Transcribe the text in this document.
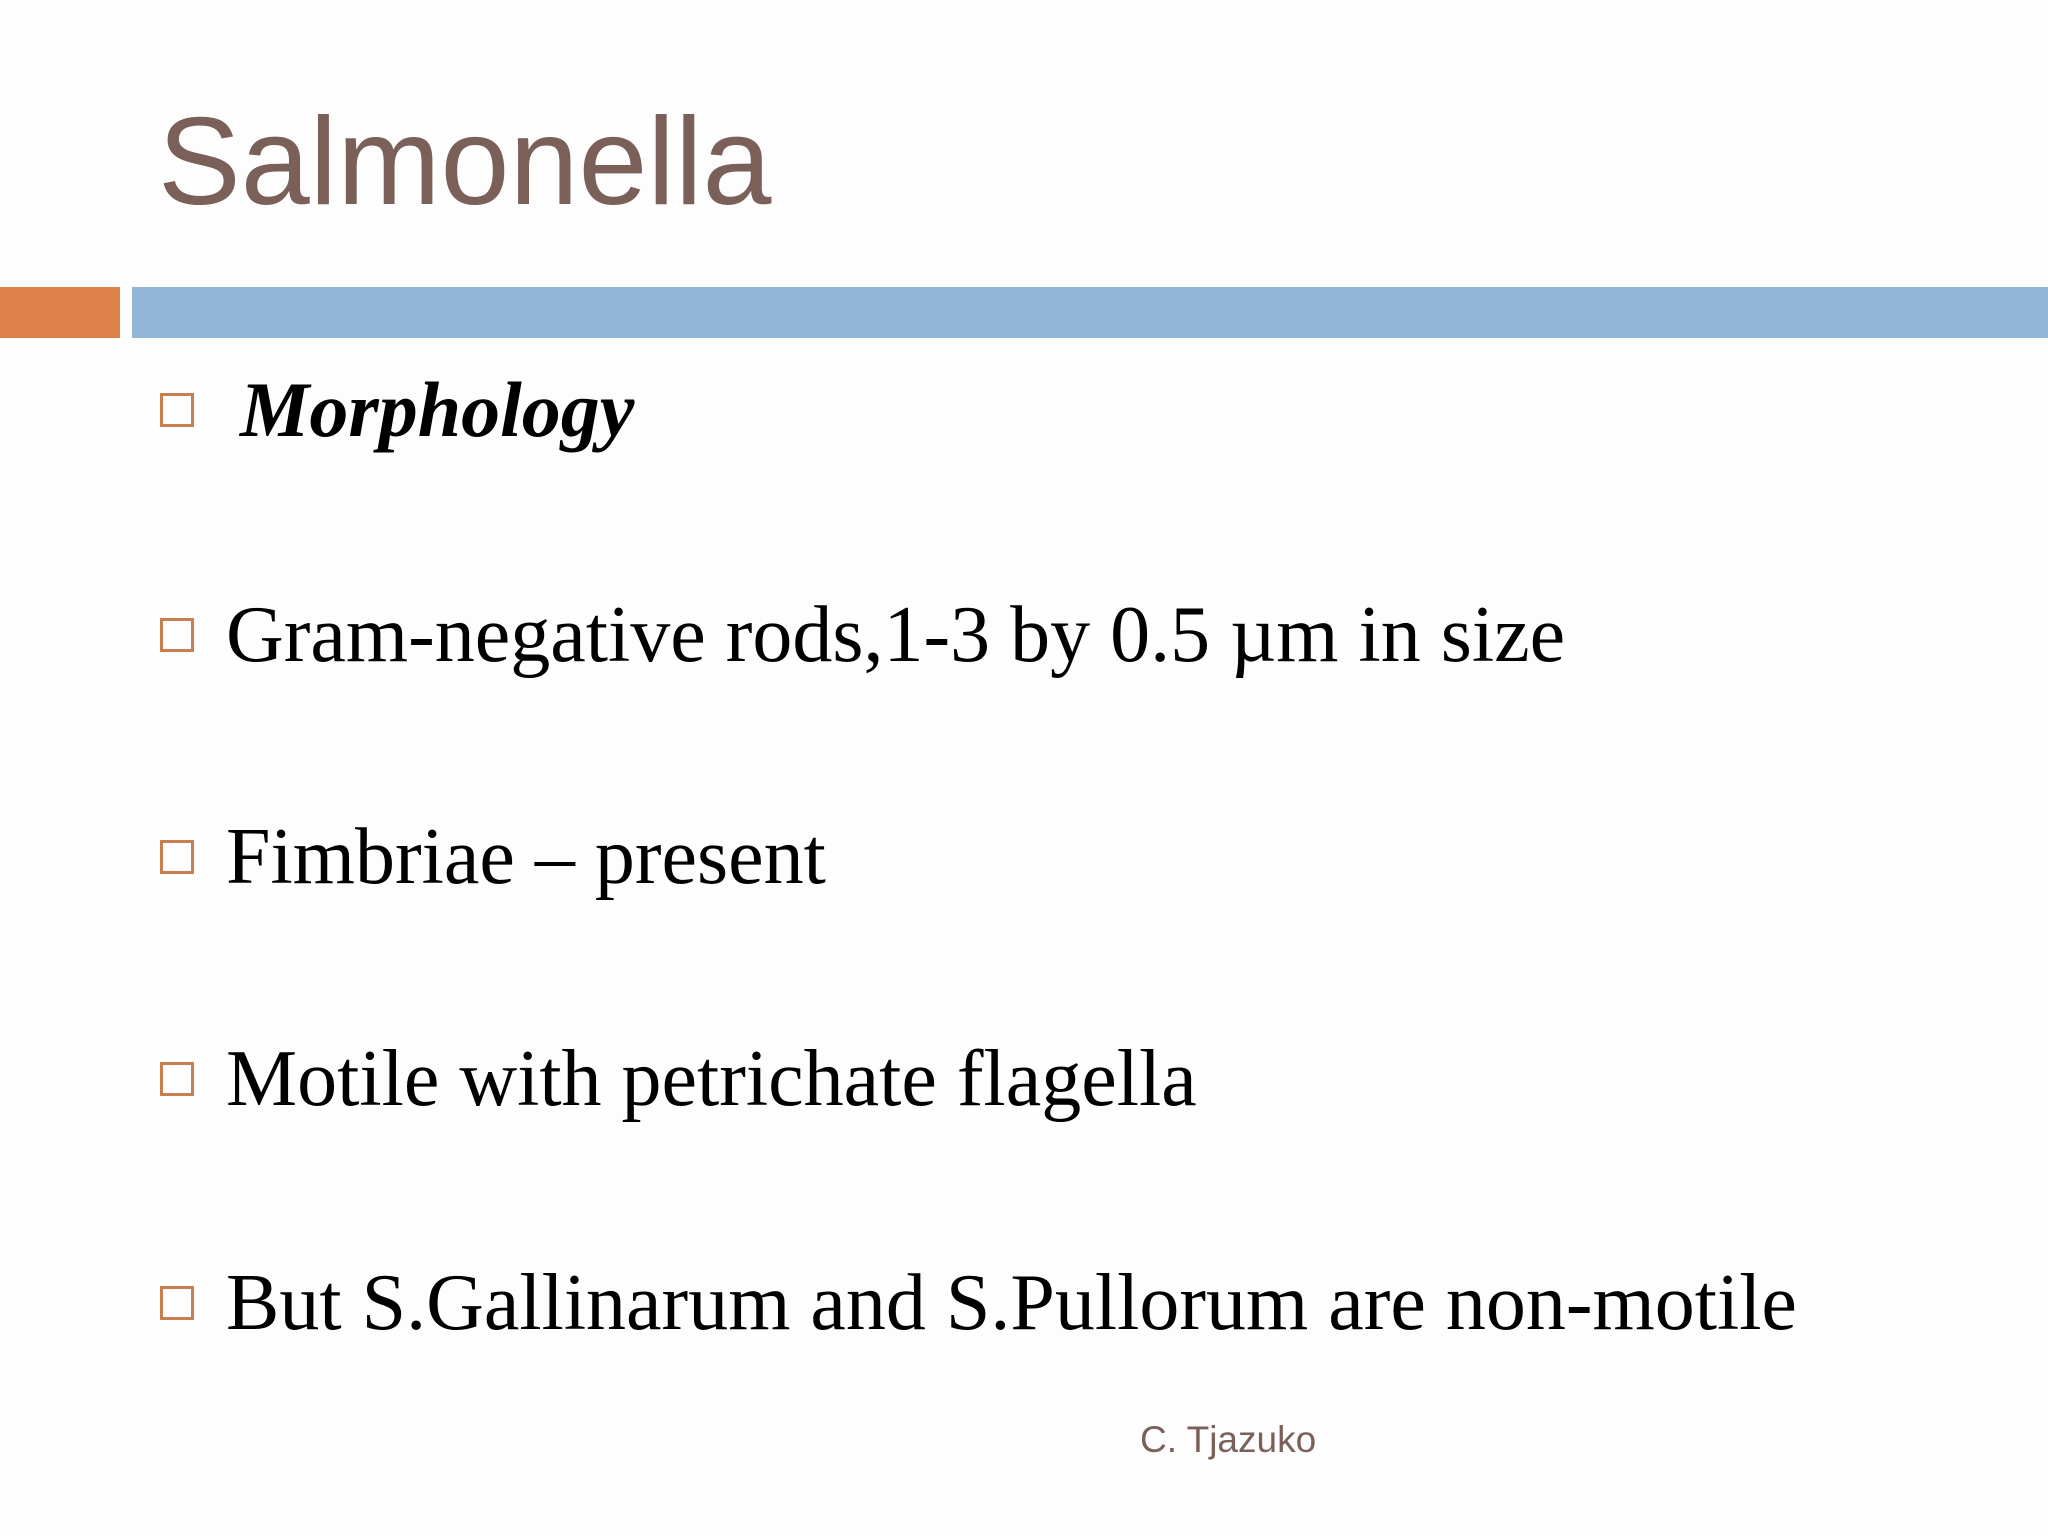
Salmonella
Morphology
Gram-negative rods,1-3 by 0.5 µm in size
Fimbriae – present
Motile with petrichate flagella
But S.Gallinarum and S.Pullorum are non-motile
C. Tjazuko
